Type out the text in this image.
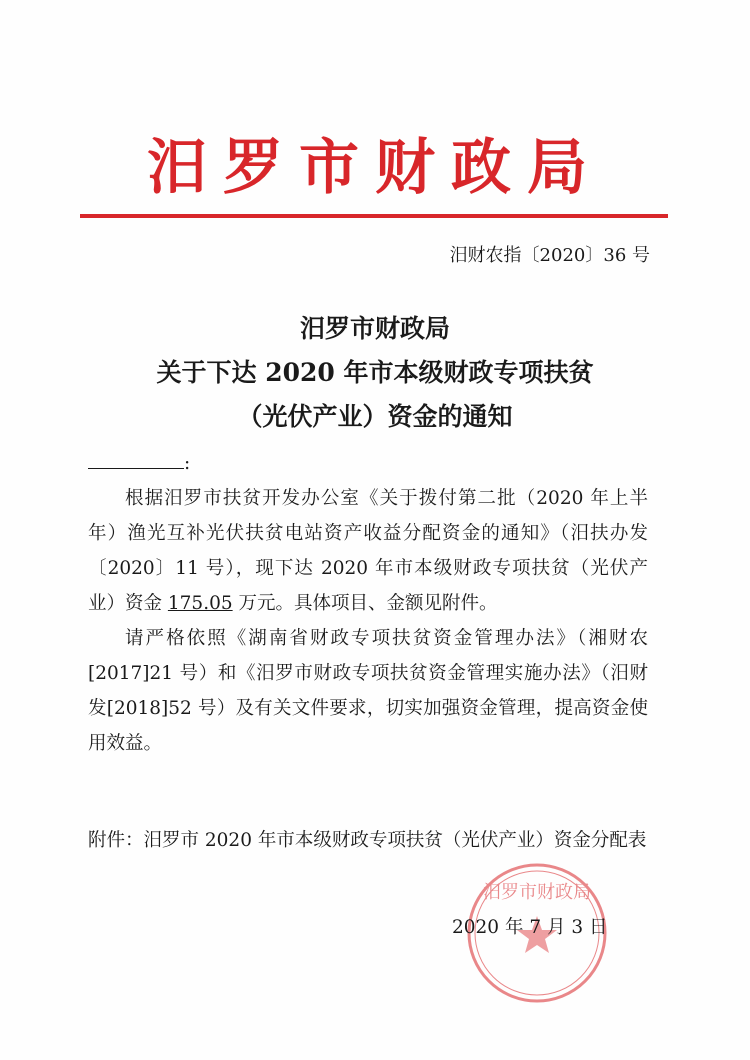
汨罗市财政局
汨财农指〔2020〕36 号
汨罗市财政局
关于下达 2020 年市本级财政专项扶贫
（光伏产业）资金的通知

:

根据汨罗市扶贫开发办公室《关于拨付第二批（2020 年上半年）渔光互补光伏扶贫电站资产收益分配资金的通知》（汨扶办发〔2020〕11 号），现下达 2020 年市本级财政专项扶贫（光伏产业）资金 175.05 万元。具体项目、金额见附件。

请严格依照《湖南省财政专项扶贫资金管理办法》（湘财农[2017]21 号）和《汨罗市财政专项扶贫资金管理实施办法》（汨财发[2018]52 号）及有关文件要求，切实加强资金管理，提高资金使用效益。

附件：汨罗市 2020 年市本级财政专项扶贫（光伏产业）资金分配表
汨罗市财政局
2020 年 7 月 3 日
